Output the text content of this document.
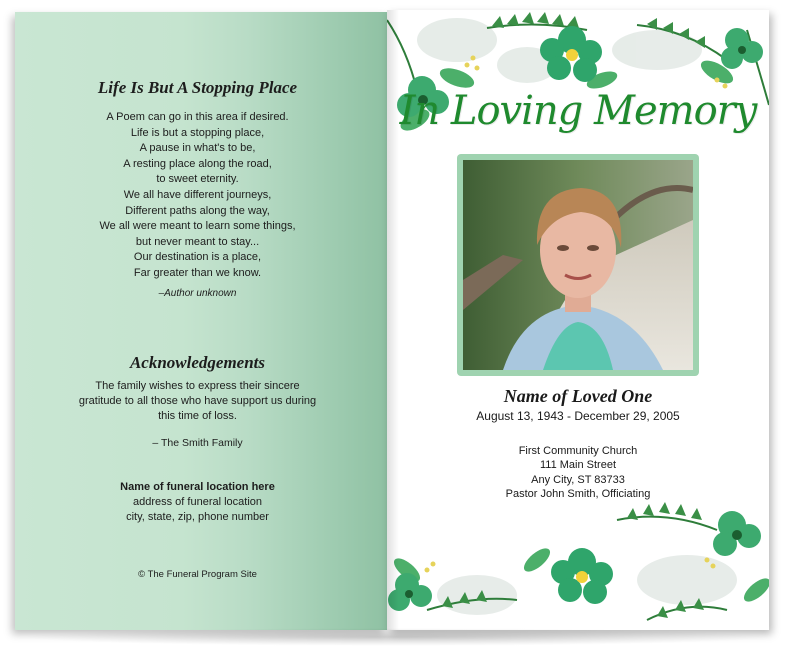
Life Is But A Stopping Place
A Poem can go in this area if desired.
Life is but a stopping place,
A pause in what's to be,
A resting place along the road,
to sweet eternity.
We all have different journeys,
Different paths along the way,
We all were meant to learn some things,
but never meant to stay...
Our destination is a place,
Far greater than we know.
–Author unknown
Acknowledgements
The family wishes to express their sincere
gratitude to all those who have support us during
this time of loss.
– The Smith Family
Name of funeral location here
address of funeral location
city, state, zip, phone number
© The Funeral Program Site
In Loving Memory
Name of Loved One
August 13, 1943 - December 29, 2005
First Community Church
111 Main Street
Any City, ST 83733
Pastor John Smith, Officiating
